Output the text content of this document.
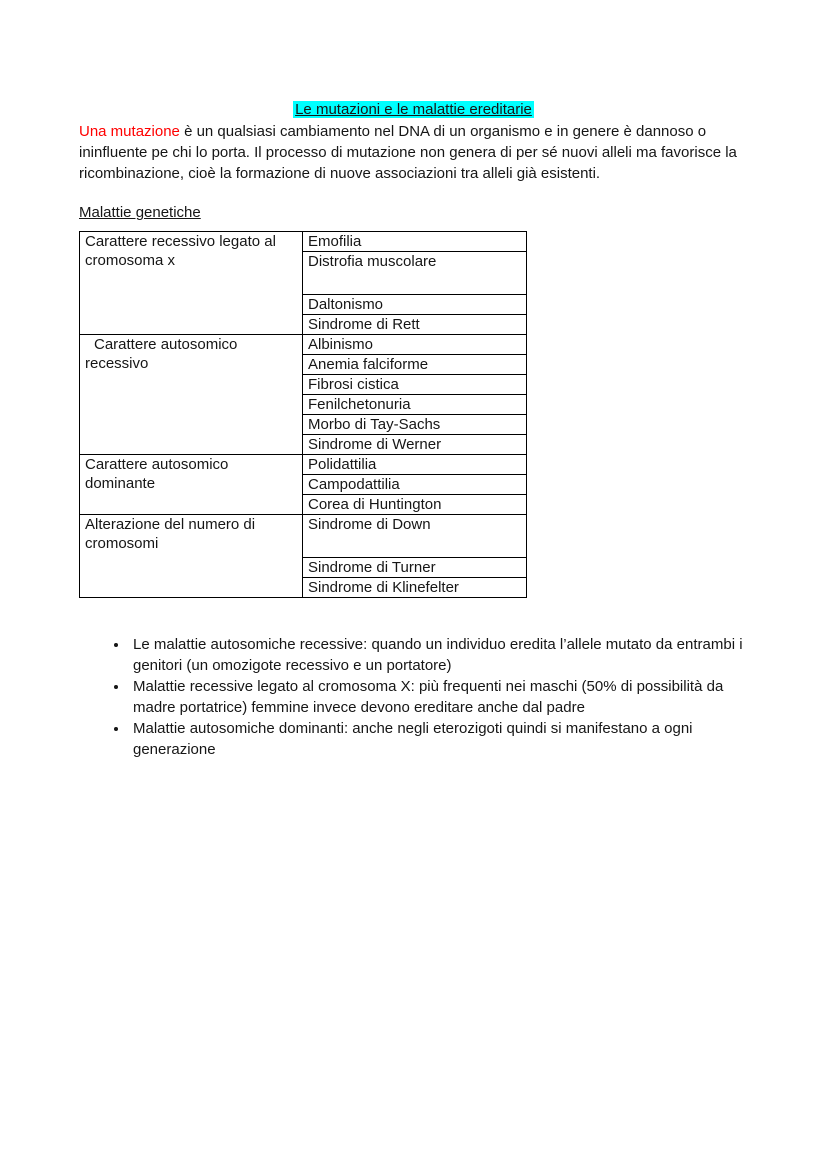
Le mutazioni e le malattie ereditarie

Una mutazione è un qualsiasi cambiamento nel DNA di un organismo e in genere è dannoso o ininfluente pe chi lo porta. Il processo di mutazione non genera di per sé nuovi alleli ma favorisce la ricombinazione, cioè la formazione di nuove associazioni tra alleli già esistenti.

Malattie genetiche
Carattere recessivo legato al cromosoma x	Emofilia
	Distrofia muscolare
	Daltonismo
	Sindrome di Rett
Carattere autosomico recessivo	Albinismo
	Anemia falciforme
	Fibrosi cistica
	Fenilchetonuria
	Morbo di Tay-Sachs
	Sindrome di Werner
Carattere autosomico dominante	Polidattilia
	Campodattilia
	Corea di Huntington
Alterazione del numero di cromosomi	Sindrome di Down
	Sindrome di Turner
	Sindrome di Klinefelter
• Le malattie autosomiche recessive: quando un individuo eredita l’allele mutato da entrambi i genitori (un omozigote recessivo e un portatore)
• Malattie recessive legato al cromosoma X: più frequenti nei maschi (50% di possibilità da madre portatrice) femmine invece devono ereditare anche dal padre
• Malattie autosomiche dominanti: anche negli eterozigoti quindi si manifestano a ogni generazione
